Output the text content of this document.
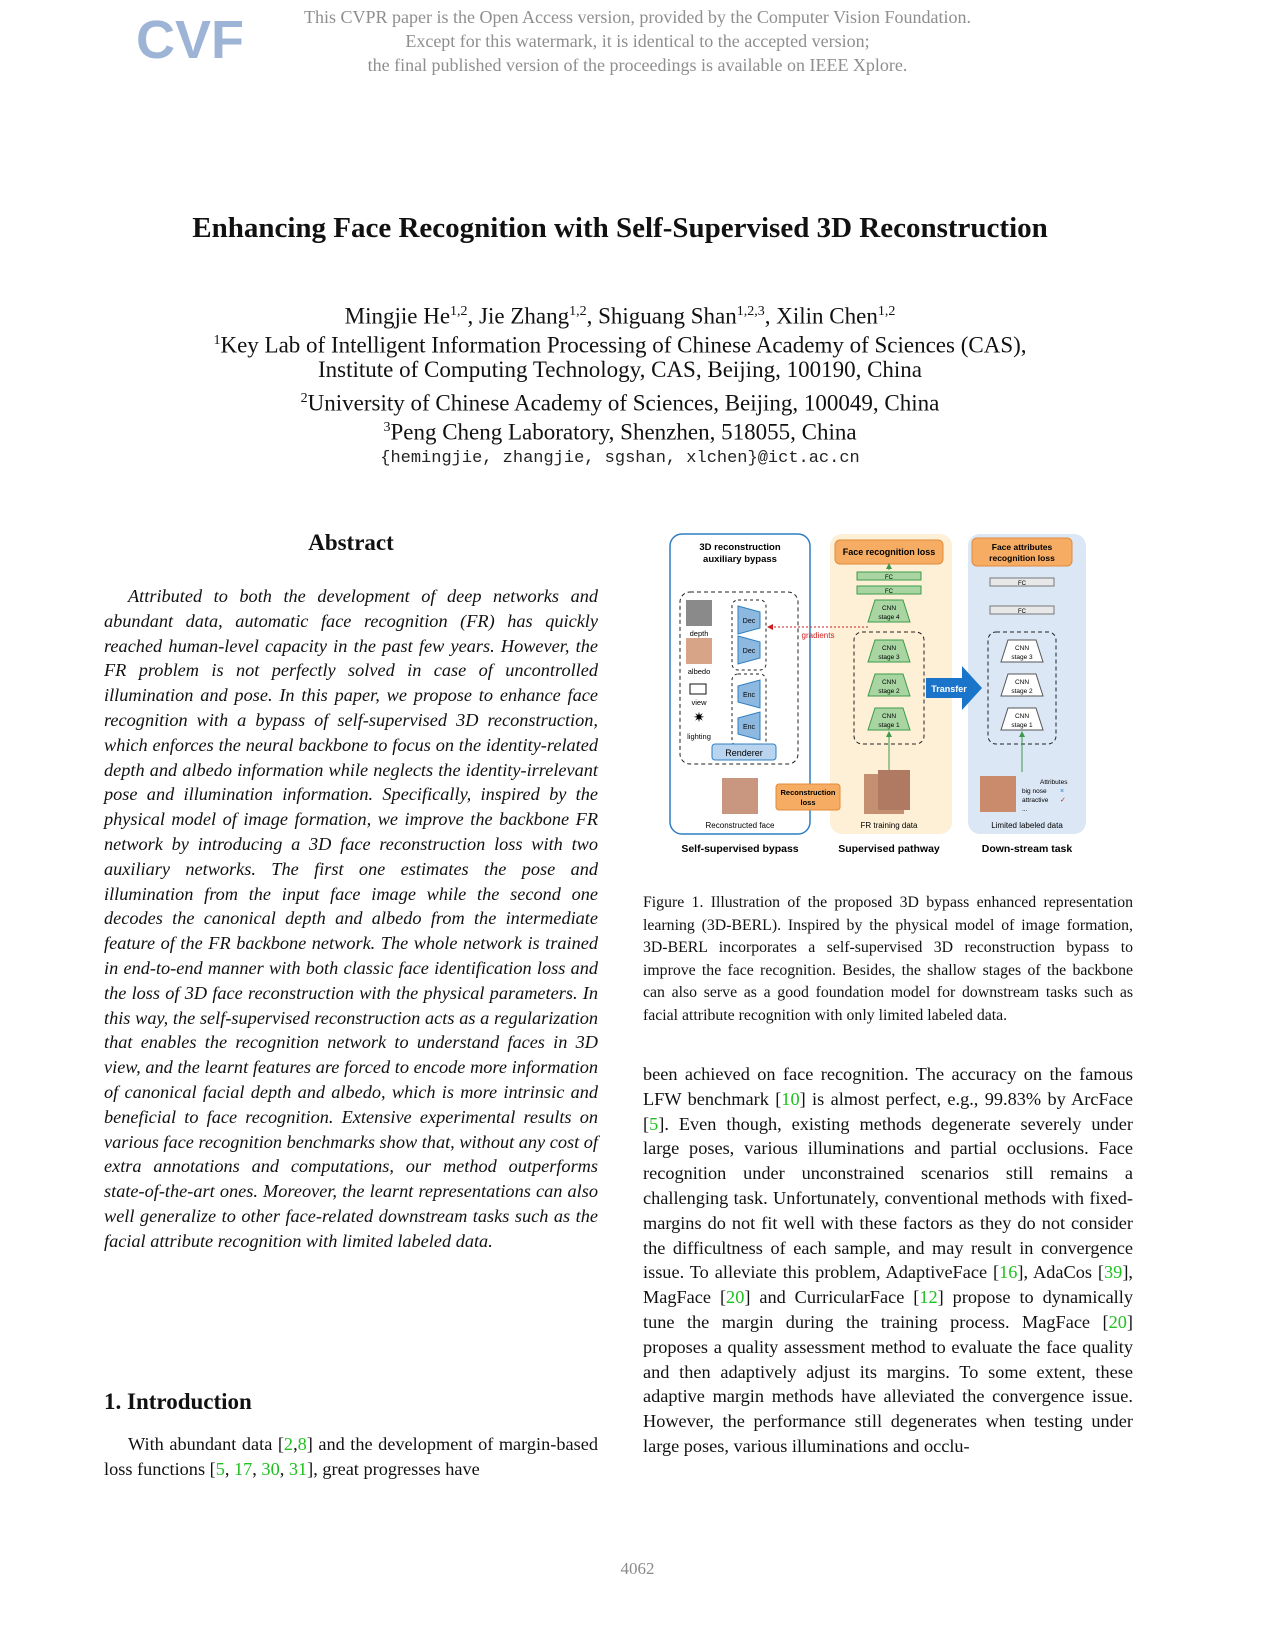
CVF	This CVPR paper is the Open Access version, provided by the Computer Vision Foundation.
Except for this watermark, it is identical to the accepted version;
the final published version of the proceedings is available on IEEE Xplore.
Enhancing Face Recognition with Self-Supervised 3D Reconstruction
Mingjie He$^{1,2}$, Jie Zhang$^{1,2}$, Shiguang Shan$^{1,2,3}$, Xilin Chen$^{1,2}$
$^1$Key Lab of Intelligent Information Processing of Chinese Academy of Sciences (CAS),
Institute of Computing Technology, CAS, Beijing, 100190, China
$^2$University of Chinese Academy of Sciences, Beijing, 100049, China
$^3$Peng Cheng Laboratory, Shenzhen, 518055, China
{hemingjie, zhangjie, sgshan, xlchen}@ict.ac.cn
Abstract

Attributed to both the development of deep networks and abundant data, automatic face recognition (FR) has quickly reached human-level capacity in the past few years. However, the FR problem is not perfectly solved in case of uncontrolled illumination and pose. In this paper, we propose to enhance face recognition with a bypass of self-supervised 3D reconstruction, which enforces the neural backbone to focus on the identity-related depth and albedo information while neglects the identity-irrelevant pose and illumination information. Specifically, inspired by the physical model of image formation, we improve the backbone FR network by introducing a 3D face reconstruction loss with two auxiliary networks. The first one estimates the pose and illumination from the input face image while the second one decodes the canonical depth and albedo from the intermediate feature of the FR backbone network. The whole network is trained in end-to-end manner with both classic face identification loss and the loss of 3D face reconstruction with the physical parameters. In this way, the self-supervised reconstruction acts as a regularization that enables the recognition network to understand faces in 3D view, and the learnt features are forced to encode more information of canonical facial depth and albedo, which is more intrinsic and beneficial to face recognition. Extensive experimental results on various face recognition benchmarks show that, without any cost of extra annotations and computations, our method outperforms state-of-the-art ones. Moreover, the learnt representations can also well generalize to other face-related downstream tasks such as the facial attribute recognition with limited labeled data.

1. Introduction

With abundant data [2,8] and the development of margin-based loss functions [5, 17, 30, 31], great progresses have

3D reconstruction
auxiliary bypass
Face recognition loss	Face attributes
recognition loss
depth
albedo
view
✷
lighting
Dec
Dec
Enc
Enc
Renderer
Reconstructed face
Reconstruction
loss
FC
FC
CNN
stage 4
CNN
stage 3
CNN
stage 2
CNN
stage 1
gradients
FR training data
Transfer
FC
FC
CNN
stage 3
CNN
stage 2
CNN
stage 1
Attributes
big nose ×
attractive ✓
...
Limited labeled data
Self-supervised bypass	Supervised pathway	Down-stream task
Figure 1. Illustration of the proposed 3D bypass enhanced representation learning (3D-BERL). Inspired by the physical model of image formation, 3D-BERL incorporates a self-supervised 3D reconstruction bypass to improve the face recognition. Besides, the shallow stages of the backbone can also serve as a good foundation model for downstream tasks such as facial attribute recognition with only limited labeled data.

been achieved on face recognition. The accuracy on the famous LFW benchmark [10] is almost perfect, e.g., 99.83% by ArcFace [5]. Even though, existing methods degenerate severely under large poses, various illuminations and partial occlusions. Face recognition under unconstrained scenarios still remains a challenging task. Unfortunately, conventional methods with fixed-margins do not fit well with these factors as they do not consider the difficultness of each sample, and may result in convergence issue. To alleviate this problem, AdaptiveFace [16], AdaCos [39], MagFace [20] and CurricularFace [12] propose to dynamically tune the margin during the training process. MagFace [20] proposes a quality assessment method to evaluate the face quality and then adaptively adjust its margins. To some extent, these adaptive margin methods have alleviated the convergence issue. However, the performance still degenerates when testing under large poses, various illuminations and occlu-

4062
